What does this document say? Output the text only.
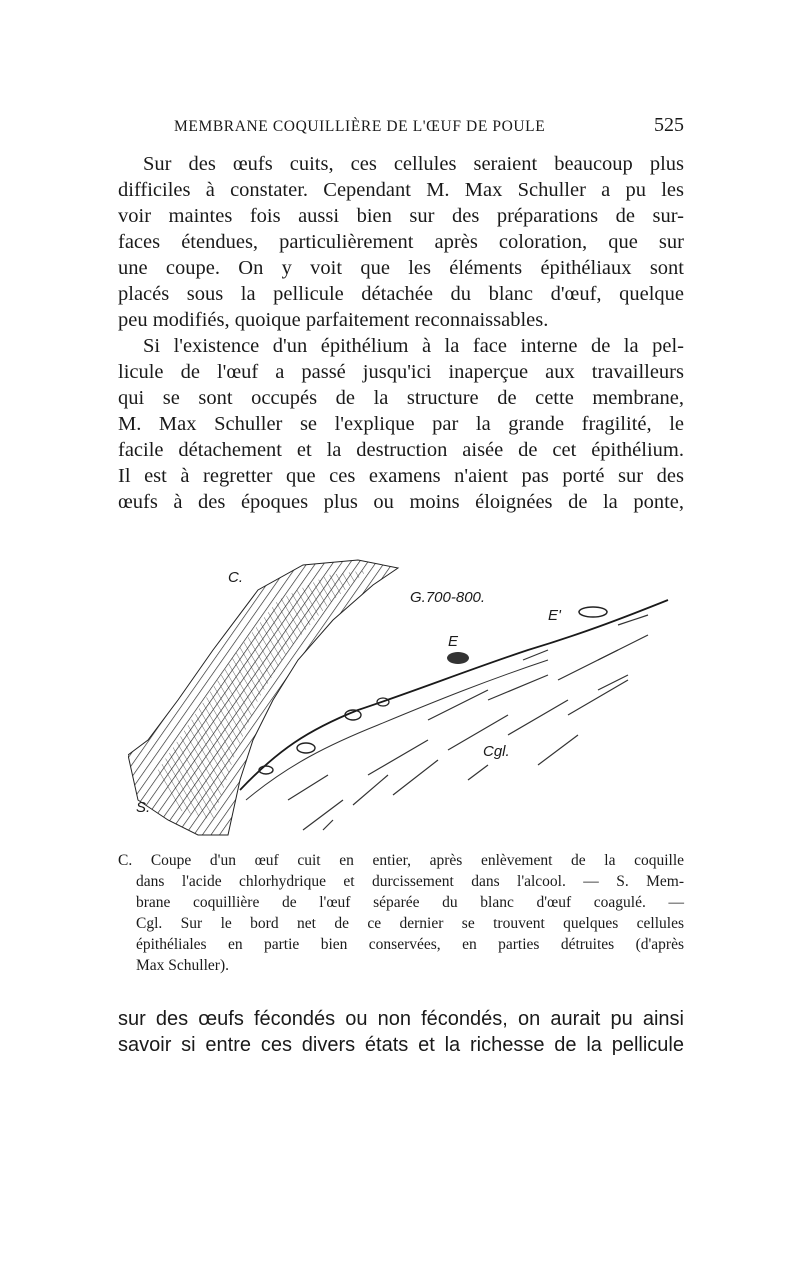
MEMBRANE COQUILLIÈRE DE L'ŒUF DE POULE	525
Sur des œufs cuits, ces cellules seraient beaucoup plus
difficiles à constater. Cependant M. Max Schuller a pu les
voir maintes fois aussi bien sur des préparations de sur-
faces étendues, particulièrement après coloration, que sur
une coupe. On y voit que les éléments épithéliaux sont
placés sous la pellicule détachée du blanc d'œuf, quelque
peu modifiés, quoique parfaitement reconnaissables.
Si l'existence d'un épithélium à la face interne de la pel-
licule de l'œuf a passé jusqu'ici inaperçue aux travailleurs
qui se sont occupés de la structure de cette membrane,
M. Max Schuller se l'explique par la grande fragilité, le
facile détachement et la destruction aisée de cet épithélium.
Il est à regretter que ces examens n'aient pas porté sur des
œufs à des époques plus ou moins éloignées de la ponte,
C.
S.
G.700-800.
E'
E
Cgl.
C. Coupe d'un œuf cuit en entier, après enlèvement de la coquille
dans l'acide chlorhydrique et durcissement dans l'alcool. — S. Mem-
brane coquillière de l'œuf séparée du blanc d'œuf coagulé. —
Cgl. Sur le bord net de ce dernier se trouvent quelques cellules
épithéliales en partie bien conservées, en parties détruites (d'après
Max Schuller).
sur des œufs fécondés ou non fécondés, on aurait pu ainsi
savoir si entre ces divers états et la richesse de la pellicule
